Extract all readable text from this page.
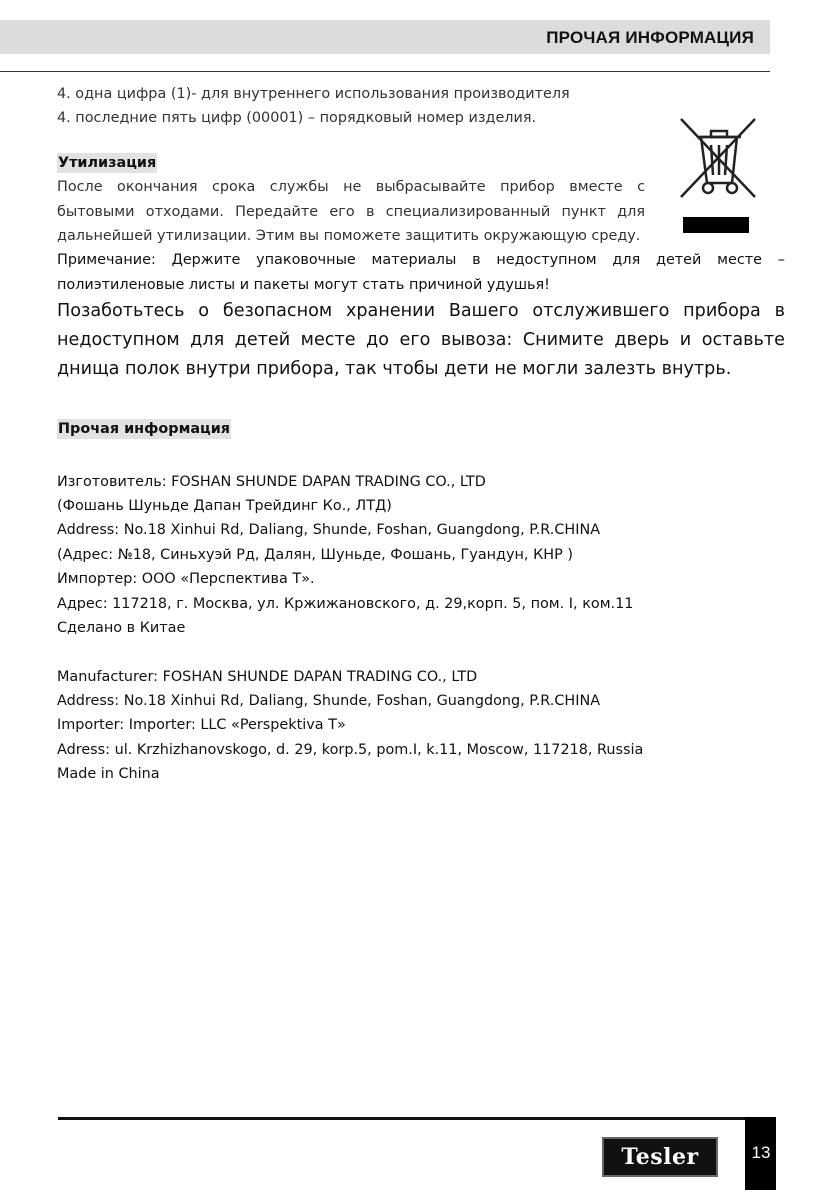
ПРОЧАЯ ИНФОРМАЦИЯ

4. одна цифра (1)- для внутреннего использования производителя

4. последние пять цифр (00001) – порядковый номер изделия.

Утилизация

После окончания срока службы не выбрасывайте прибор вместе с бытовыми отходами. Передайте его в специализированный пункт для дальнейшей утилизации. Этим вы поможете защитить окружающую среду.

Примечание: Держите упаковочные материалы в недоступном для детей месте – полиэтиленовые листы и пакеты могут стать причиной удушья!

Позаботьтесь о безопасном хранении Вашего отслужившего прибора в недоступном для детей месте до его вывоза: Снимите дверь и оставьте днища полок внутри прибора, так чтобы дети не могли залезть внутрь.

Прочая информация

Изготовитель: FOSHAN SHUNDE DAPAN TRADING CO., LTD

(Фошань Шуньде Дапан Трейдинг Ко., ЛТД)

Address: No.18 Xinhui Rd, Daliang, Shunde, Foshan, Guangdong, P.R.CHINA

(Адрес: №18, Синьхуэй Рд, Далян, Шуньде, Фошань, Гуандун, КНР )

Импортер: ООО «Перспектива Т».

Адрес: 117218, г. Москва, ул. Кржижановского, д. 29,корп. 5, пом. I, ком.11

Сделано в Китае

Manufacturer: FOSHAN SHUNDE DAPAN TRADING CO., LTD

Address: No.18 Xinhui Rd, Daliang, Shunde, Foshan, Guangdong, P.R.CHINA

Importer: Importer: LLC «Perspektiva Т»

Adress: ul. Krzhizhanovskogo, d. 29, korp.5, pom.I, k.11, Moscow, 117218, Russia

Made in China

Tesler	13
